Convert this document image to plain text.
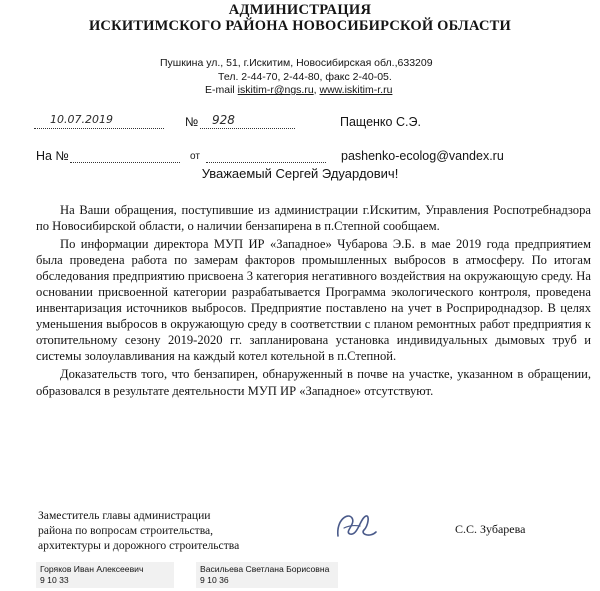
АДМИНИСТРАЦИЯ
ИСКИТИМСКОГО РАЙОНА НОВОСИБИРСКОЙ ОБЛАСТИ
Пушкина ул., 51, г.Искитим, Новосибирская обл.,633209
Тел. 2-44-70, 2-44-80, факс 2-40-05.
E-mail iskitim-r@ngs.ru, www.iskitim-r.ru
10.07.2019	№ 928	Пащенко С.Э.
На №	от	pashenko-ecolog@vandex.ru
Уважаемый Сергей Эдуардович!

На Ваши обращения, поступившие из администрации г.Искитим, Управления Роспотребнадзора по Новосибирской области, о наличии бензапирена в п.Степной сообщаем.

По информации директора МУП ИР «Западное» Чубарова Э.Б. в мае 2019 года предприятием была проведена работа по замерам факторов промышленных выбросов в атмосферу. По итогам обследования предприятию присвоена 3 категория негативного воздействия на окружающую среду. На основании присвоенной категории разрабатывается Программа экологического контроля, проведена инвентаризация источников выбросов. Предприятие поставлено на учет в Росприроднадзор. В целях уменьшения выбросов в окружающую среду в соответствии с планом ремонтных работ предприятия к отопительному сезону 2019-2020 гг. запланирована установка индивидуальных дымовых труб и системы золоулавливания на каждый котел котельной в п.Степной.

Доказательств того, что бензапирен, обнаруженный в почве на участке, указанном в обращении, образовался в результате деятельности МУП ИР «Западное» отсутствуют.

Заместитель главы администрации
района по вопросам строительства,
архитектуры и дорожного строительства
С.С. Зубарева
Горяков Иван Алексеевич
9 10 33
Васильева Светлана Борисовна
9 10 36
